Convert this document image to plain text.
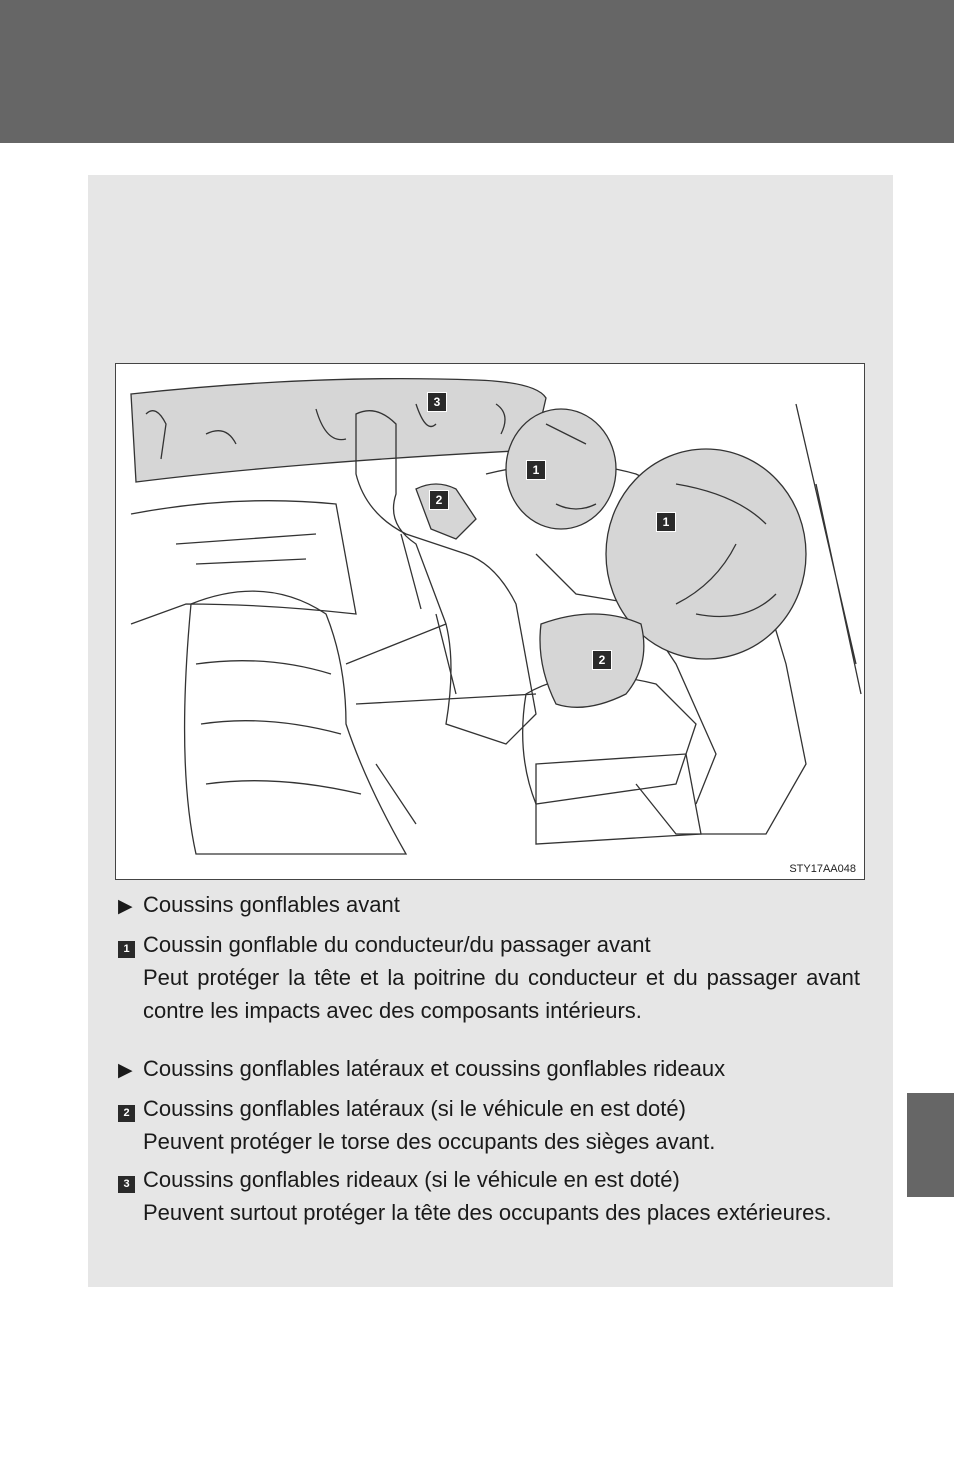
3
1
2
1
2
STY17AA048
▶ Coussins gonflables avant
1 Coussin gonflable du conducteur/du passager avant
Peut protéger la tête et la poitrine du conducteur et du passager avant contre les impacts avec des composants intérieurs.
▶ Coussins gonflables latéraux et coussins gonflables rideaux
2 Coussins gonflables latéraux (si le véhicule en est doté)
Peuvent protéger le torse des occupants des sièges avant.
3 Coussins gonflables rideaux (si le véhicule en est doté)
Peuvent surtout protéger la tête des occupants des places extérieures.
